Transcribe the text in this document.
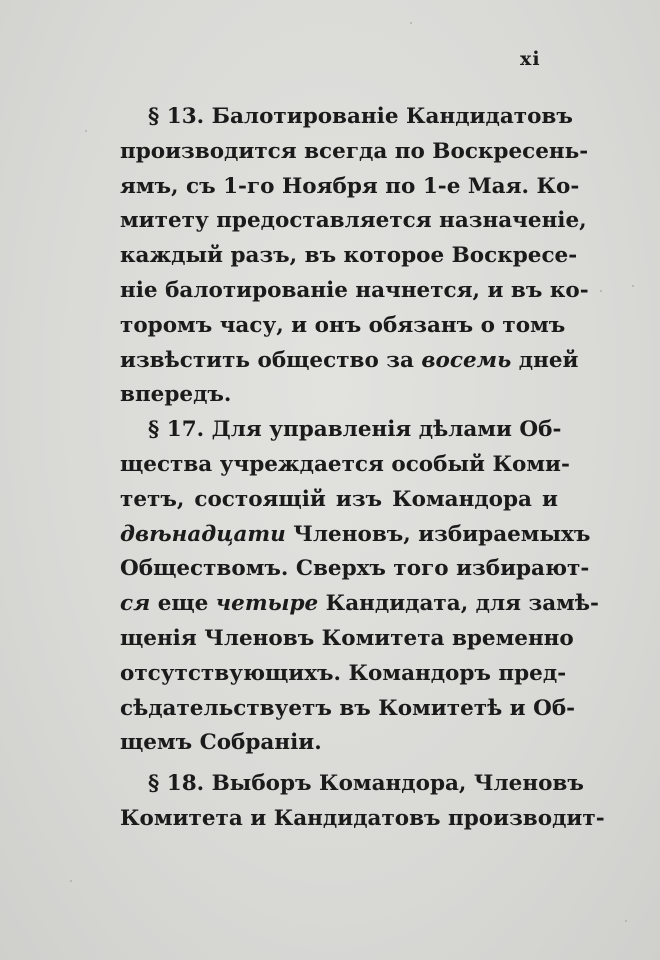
xi
§ 13. Балотированіе Кандидатовъ
производится всегда по Воскресень-
ямъ, съ 1-го Ноября по 1-е Мая. Ко-
митету предоставляется назначеніе,
каждый разъ, въ которое Воскресе-
ніе балотированіе начнется, и въ ко-
торомъ часу, и онъ обязанъ о томъ
извѣстить общество за восемь дней
впередъ.
§ 17. Для управленія дѣлами Об-
щества учреждается особый Коми-
тетъ, состоящій изъ Командора и
двѣнадцати Членовъ, избираемыхъ
Обществомъ. Сверхъ того избирают-
ся еще четыре Кандидата, для замѣ-
щенія Членовъ Комитета временно
отсутствующихъ. Командоръ пред-
сѣдательствуетъ въ Комитетѣ и Об-
щемъ Собраніи.
§ 18. Выборъ Командора, Членовъ
Комитета и Кандидатовъ производит-
